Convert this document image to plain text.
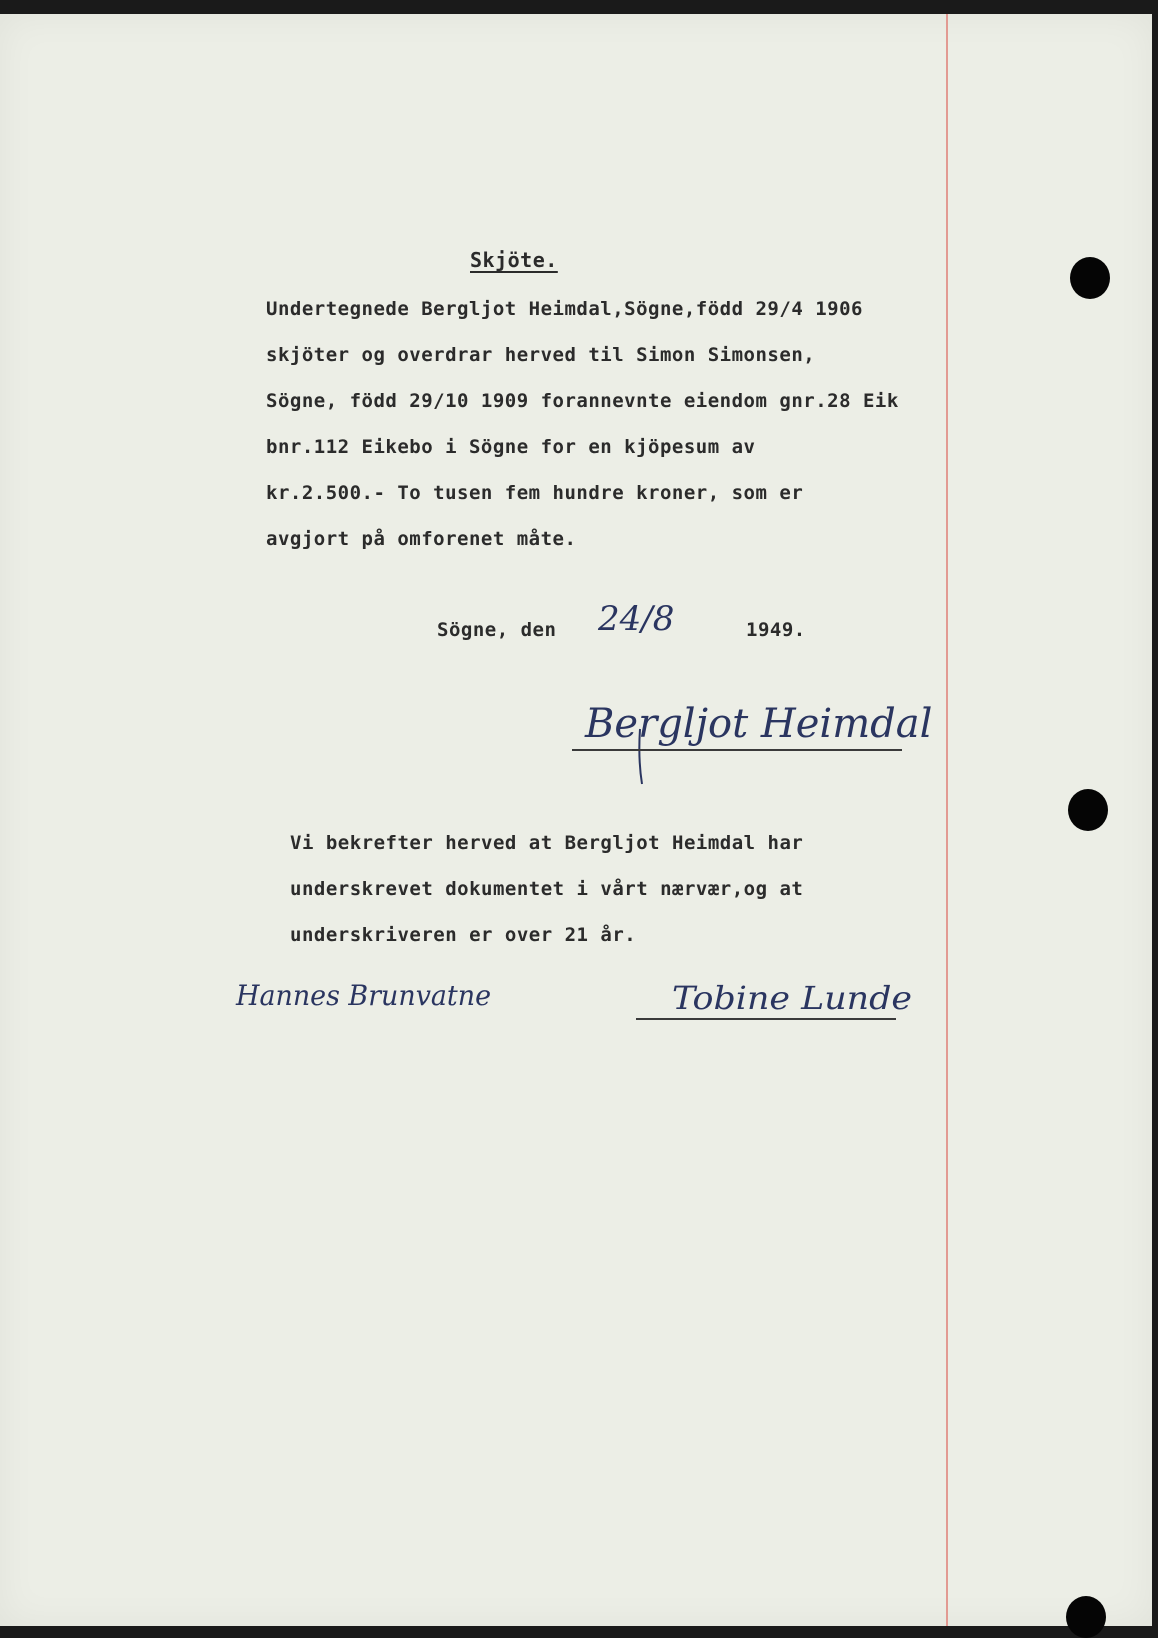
Skjöte.

Undertegnede Bergljot Heimdal,Sögne,född 29/4 1906

skjöter og overdrar herved til Simon Simonsen,

Sögne, född 29/10 1909 forannevnte eiendom gnr.28 Eik

bnr.112 Eikebo i Sögne for en kjöpesum av

kr.2.500.- To tusen fem hundre kroner, som er

avgjort på omforenet måte.

Sögne, den 24/8	1949.

Bergljot Heimdal

Vi bekrefter herved at Bergljot Heimdal har

underskrevet dokumentet i vårt nærvær,og at

underskriveren er over 21 år.

Hannes Brunvatne	Tobine Lunde
